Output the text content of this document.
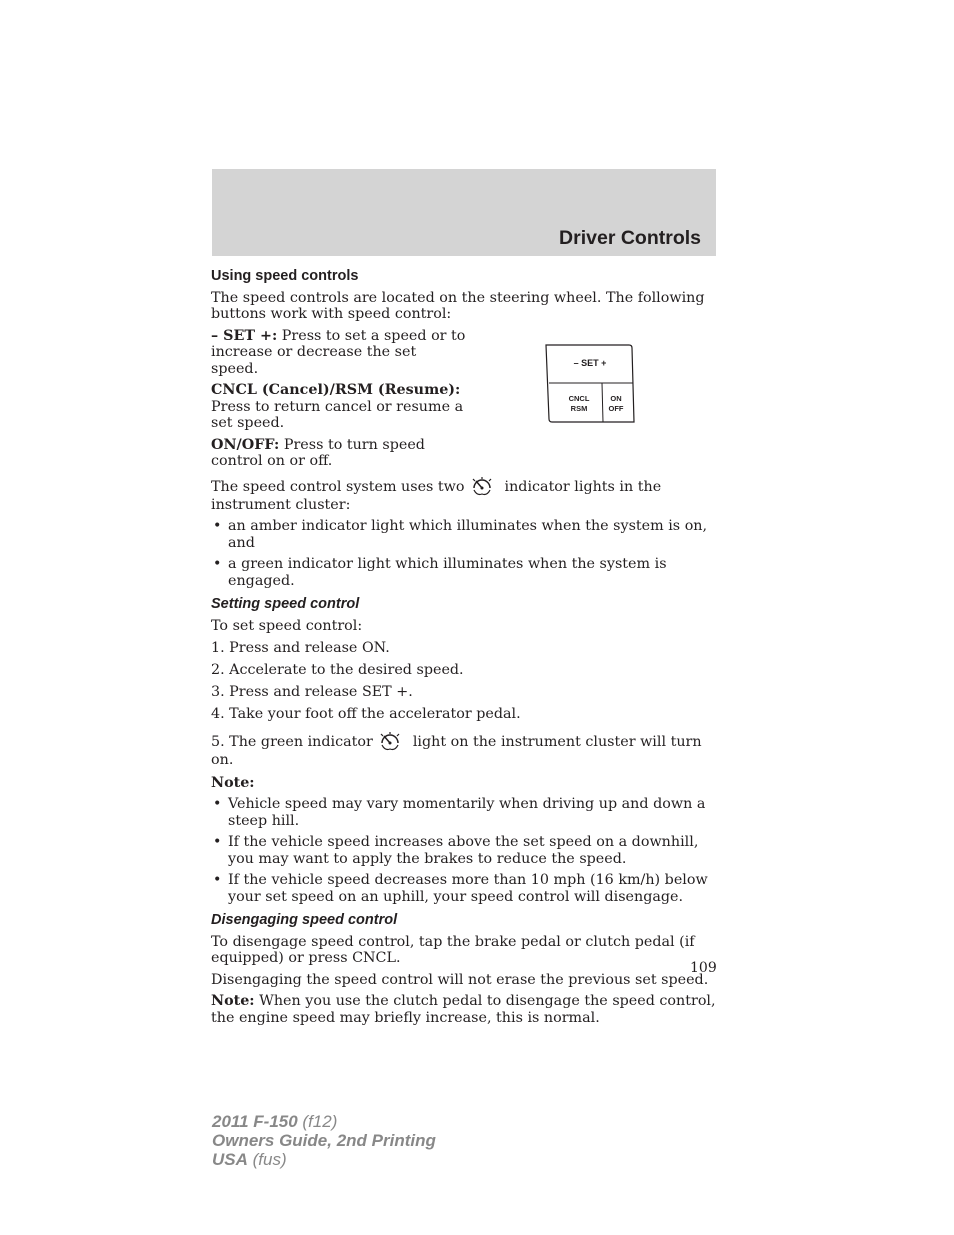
Driver Controls
– SET +
CNCL
RSM
ON
OFF
Using speed controls

The speed controls are located on the steering wheel. The following buttons work with speed control:

– SET +: Press to set a speed or to increase or decrease the set speed.

CNCL (Cancel)/RSM (Resume): Press to return cancel or resume a set speed.

ON/OFF: Press to turn speed control on or off.

The speed control system uses two	indicator lights in the instrument cluster:

• an amber indicator light which illuminates when the system is on, and
• a green indicator light which illuminates when the system is engaged.
Setting speed control

To set speed control:

1. Press and release ON.

2. Accelerate to the desired speed.

3. Press and release SET +.

4. Take your foot off the accelerator pedal.

5. The green indicator	light on the instrument cluster will turn on.

Note:

• Vehicle speed may vary momentarily when driving up and down a steep hill.
• If the vehicle speed increases above the set speed on a downhill, you may want to apply the brakes to reduce the speed.
• If the vehicle speed decreases more than 10 mph (16 km/h) below your set speed on an uphill, your speed control will disengage.
Disengaging speed control

To disengage speed control, tap the brake pedal or clutch pedal (if equipped) or press CNCL.

Disengaging the speed control will not erase the previous set speed.

Note: When you use the clutch pedal to disengage the speed control, the engine speed may briefly increase, this is normal.

109
2011 F-150 (f12)
Owners Guide, 2nd Printing
USA (fus)
